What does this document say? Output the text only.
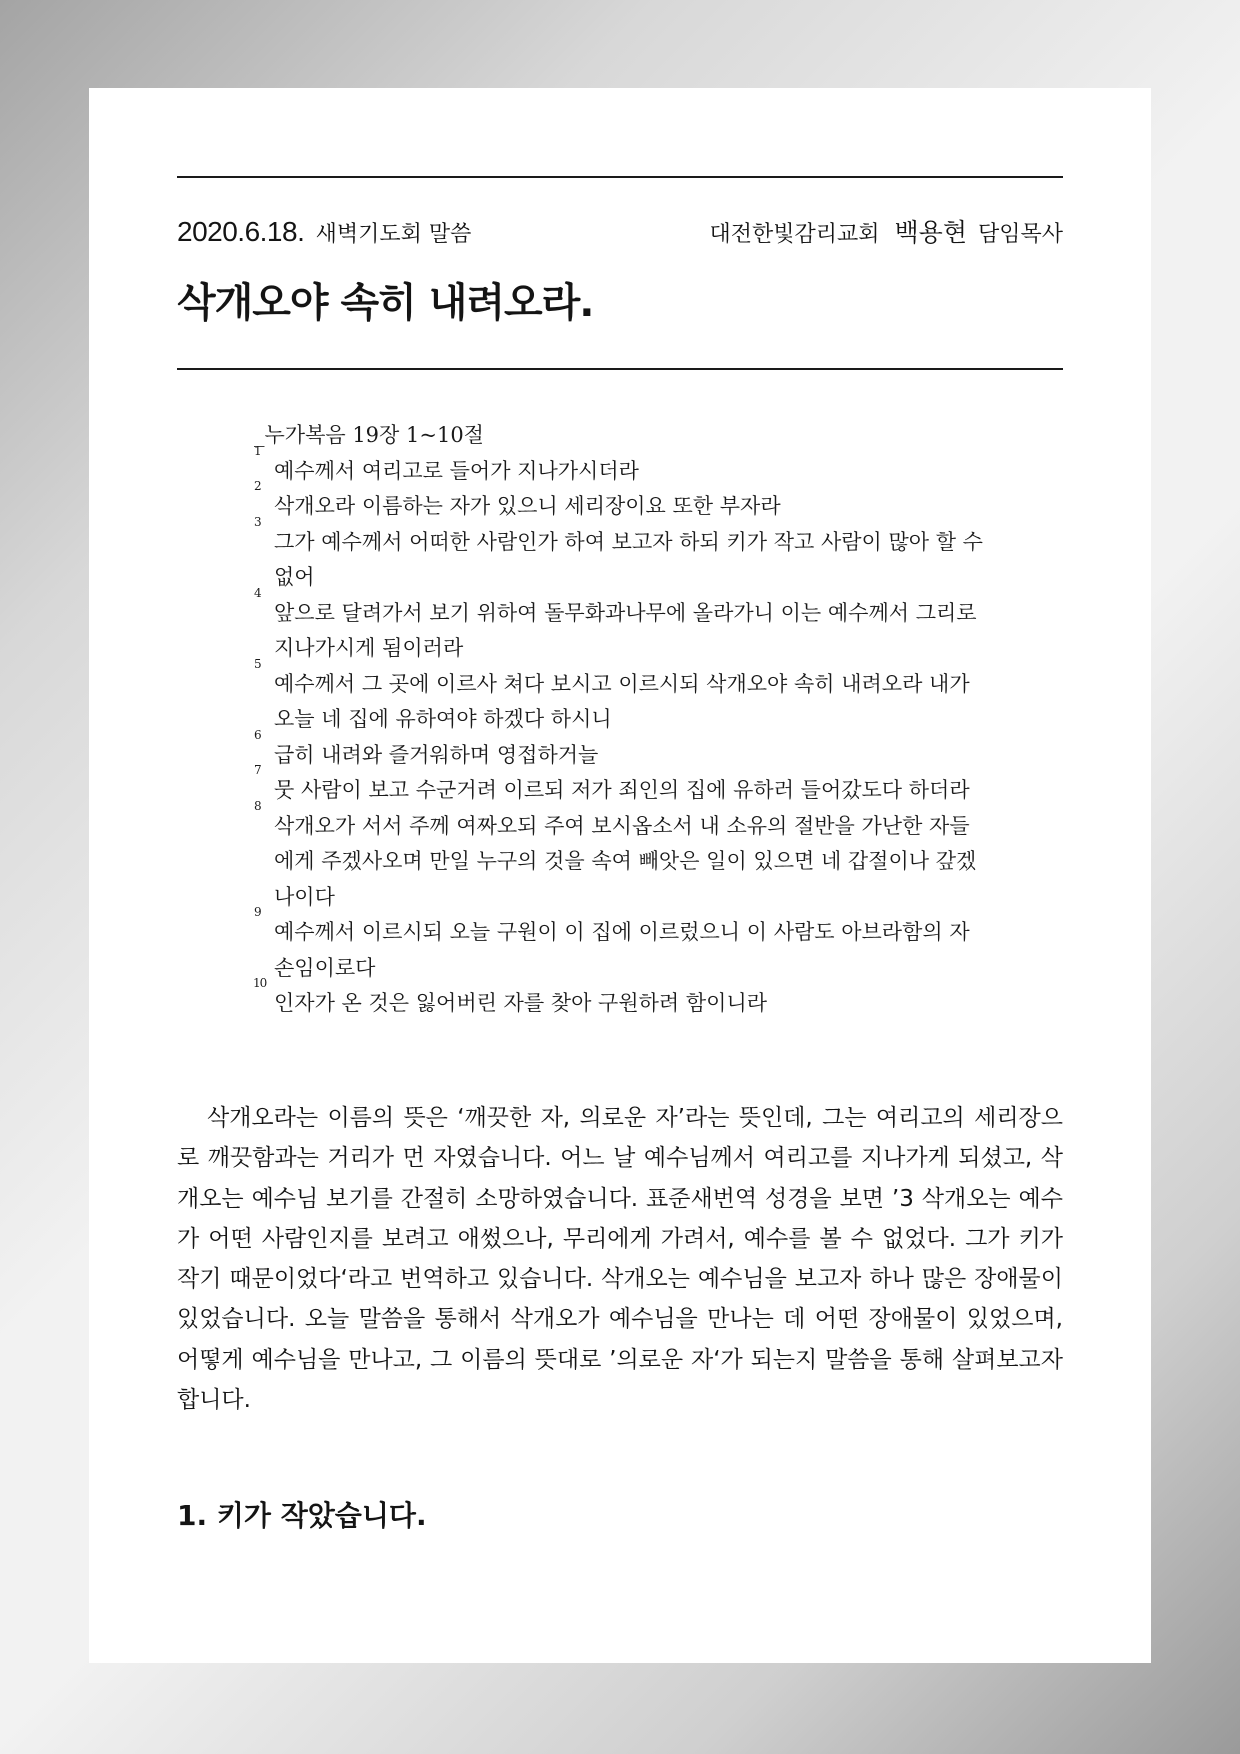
2020.6.18. 새벽기도회 말씀	대전한빛감리교회 백용현 담임목사
삭개오야 속히 내려오라.
_누가복음 19장 1~10절
1
예수께서 여리고로 들어가 지나가시더라
2
삭개오라 이름하는 자가 있으니 세리장이요 또한 부자라
3
그가 예수께서 어떠한 사람인가 하여 보고자 하되 키가 작고 사람이 많아 할 수 없어
4
앞으로 달려가서 보기 위하여 돌무화과나무에 올라가니 이는 예수께서 그리로 지나가시게 됨이러라
5
예수께서 그 곳에 이르사 쳐다 보시고 이르시되 삭개오야 속히 내려오라 내가 오늘 네 집에 유하여야 하겠다 하시니
6
급히 내려와 즐거워하며 영접하거늘
7
뭇 사람이 보고 수군거려 이르되 저가 죄인의 집에 유하러 들어갔도다 하더라
8
삭개오가 서서 주께 여짜오되 주여 보시옵소서 내 소유의 절반을 가난한 자들에게 주겠사오며 만일 누구의 것을 속여 빼앗은 일이 있으면 네 갑절이나 갚겠나이다
9
예수께서 이르시되 오늘 구원이 이 집에 이르렀으니 이 사람도 아브라함의 자손임이로다
10
인자가 온 것은 잃어버린 자를 찾아 구원하려 함이니라

삭개오라는 이름의 뜻은 ‘깨끗한 자, 의로운 자’라는 뜻인데, 그는 여리고의 세리장으로 깨끗함과는 거리가 먼 자였습니다. 어느 날 예수님께서 여리고를 지나가게 되셨고, 삭개오는 예수님 보기를 간절히 소망하였습니다. 표준새번역 성경을 보면 ’3 삭개오는 예수가 어떤 사람인지를 보려고 애썼으나, 무리에게 가려서, 예수를 볼 수 없었다. 그가 키가 작기 때문이었다‘라고 번역하고 있습니다. 삭개오는 예수님을 보고자 하나 많은 장애물이 있었습니다. 오늘 말씀을 통해서 삭개오가 예수님을 만나는 데 어떤 장애물이 있었으며, 어떻게 예수님을 만나고, 그 이름의 뜻대로 ’의로운 자‘가 되는지 말씀을 통해 살펴보고자 합니다.

1. 키가 작았습니다.
